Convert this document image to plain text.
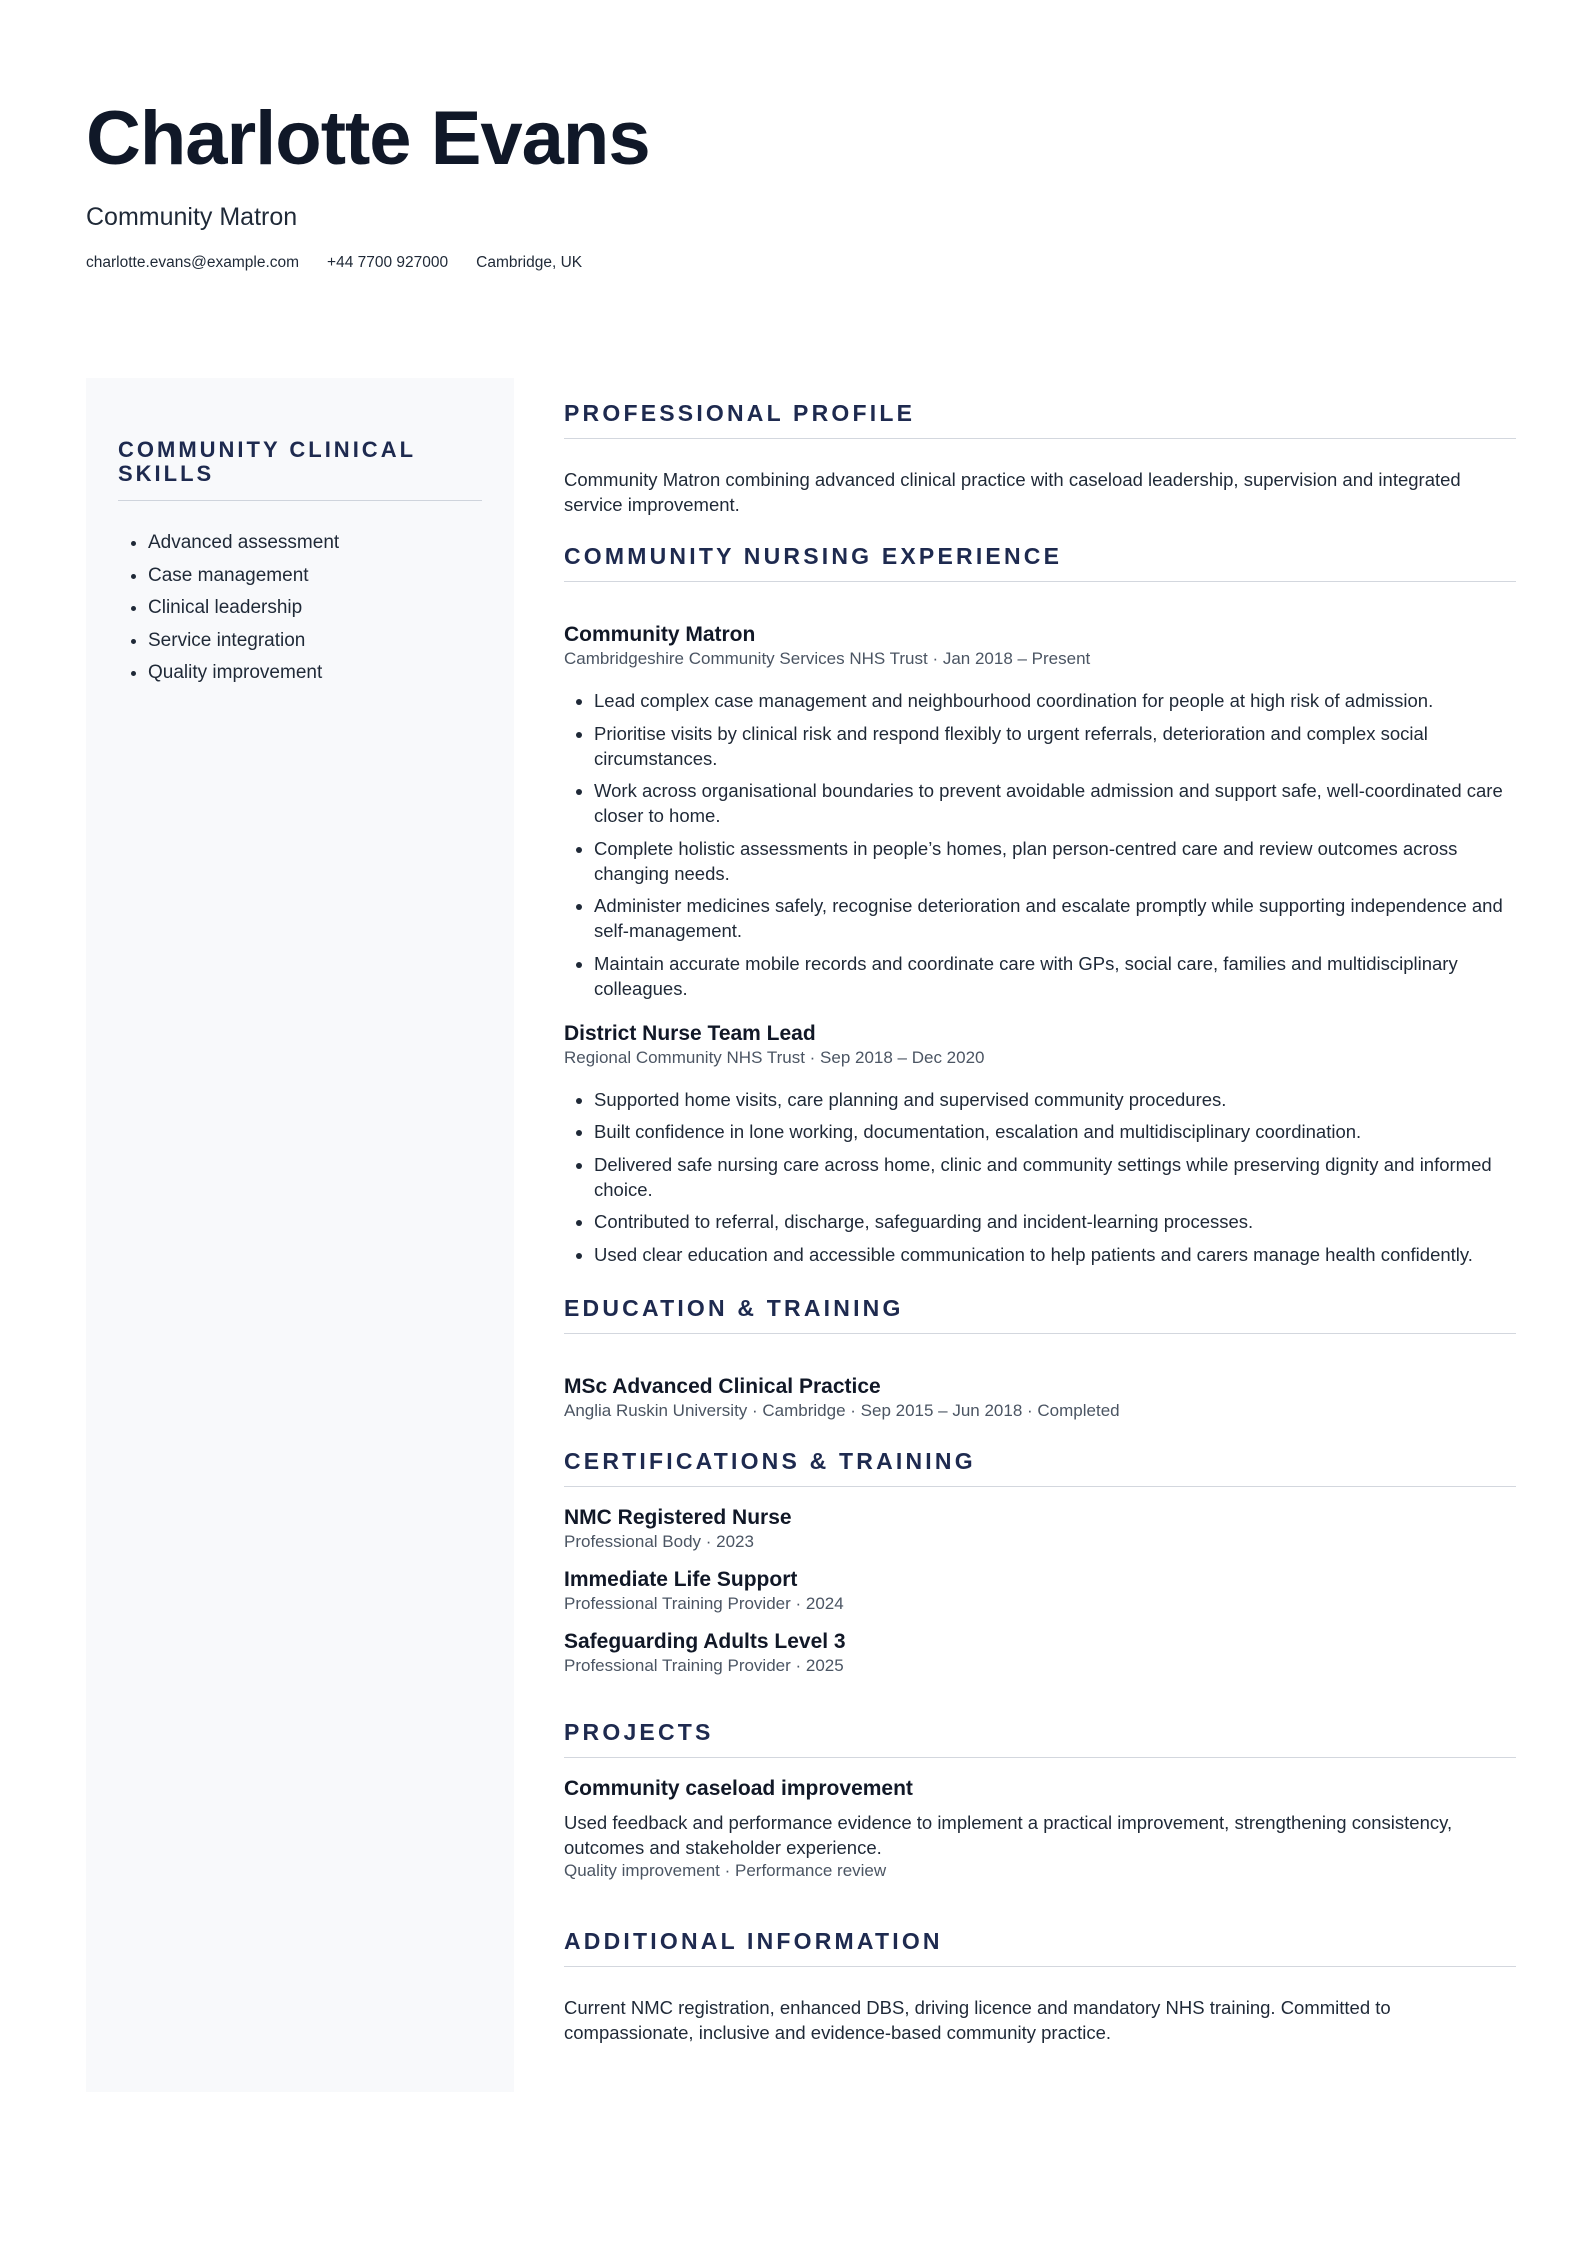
Charlotte Evans
Community Matron
charlotte.evans@example.com +44 7700 927000 Cambridge, UK
COMMUNITY CLINICAL SKILLS
• Advanced assessment
• Case management
• Clinical leadership
• Service integration
• Quality improvement
PROFESSIONAL PROFILE

Community Matron combining advanced clinical practice with caseload leadership, supervision and integrated service improvement.

COMMUNITY NURSING EXPERIENCE
Community Matron

Cambridgeshire Community Services NHS Trust · Jan 2018 – Present

• Lead complex case management and neighbourhood coordination for people at high risk of admission.
• Prioritise visits by clinical risk and respond flexibly to urgent referrals, deterioration and complex social circumstances.
• Work across organisational boundaries to prevent avoidable admission and support safe, well-coordinated care closer to home.
• Complete holistic assessments in people’s homes, plan person-centred care and review outcomes across changing needs.
• Administer medicines safely, recognise deterioration and escalate promptly while supporting independence and self-management.
• Maintain accurate mobile records and coordinate care with GPs, social care, families and multidisciplinary colleagues.
District Nurse Team Lead

Regional Community NHS Trust · Sep 2018 – Dec 2020

• Supported home visits, care planning and supervised community procedures.
• Built confidence in lone working, documentation, escalation and multidisciplinary coordination.
• Delivered safe nursing care across home, clinic and community settings while preserving dignity and informed choice.
• Contributed to referral, discharge, safeguarding and incident-learning processes.
• Used clear education and accessible communication to help patients and carers manage health confidently.
EDUCATION & TRAINING
MSc Advanced Clinical Practice

Anglia Ruskin University · Cambridge · Sep 2015 – Jun 2018 · Completed

CERTIFICATIONS & TRAINING
NMC Registered Nurse

Professional Body · 2023

Immediate Life Support

Professional Training Provider · 2024

Safeguarding Adults Level 3

Professional Training Provider · 2025

PROJECTS
Community caseload improvement

Used feedback and performance evidence to implement a practical improvement, strengthening consistency, outcomes and stakeholder experience.

Quality improvement · Performance review

ADDITIONAL INFORMATION

Current NMC registration, enhanced DBS, driving licence and mandatory NHS training. Committed to compassionate, inclusive and evidence-based community practice.
